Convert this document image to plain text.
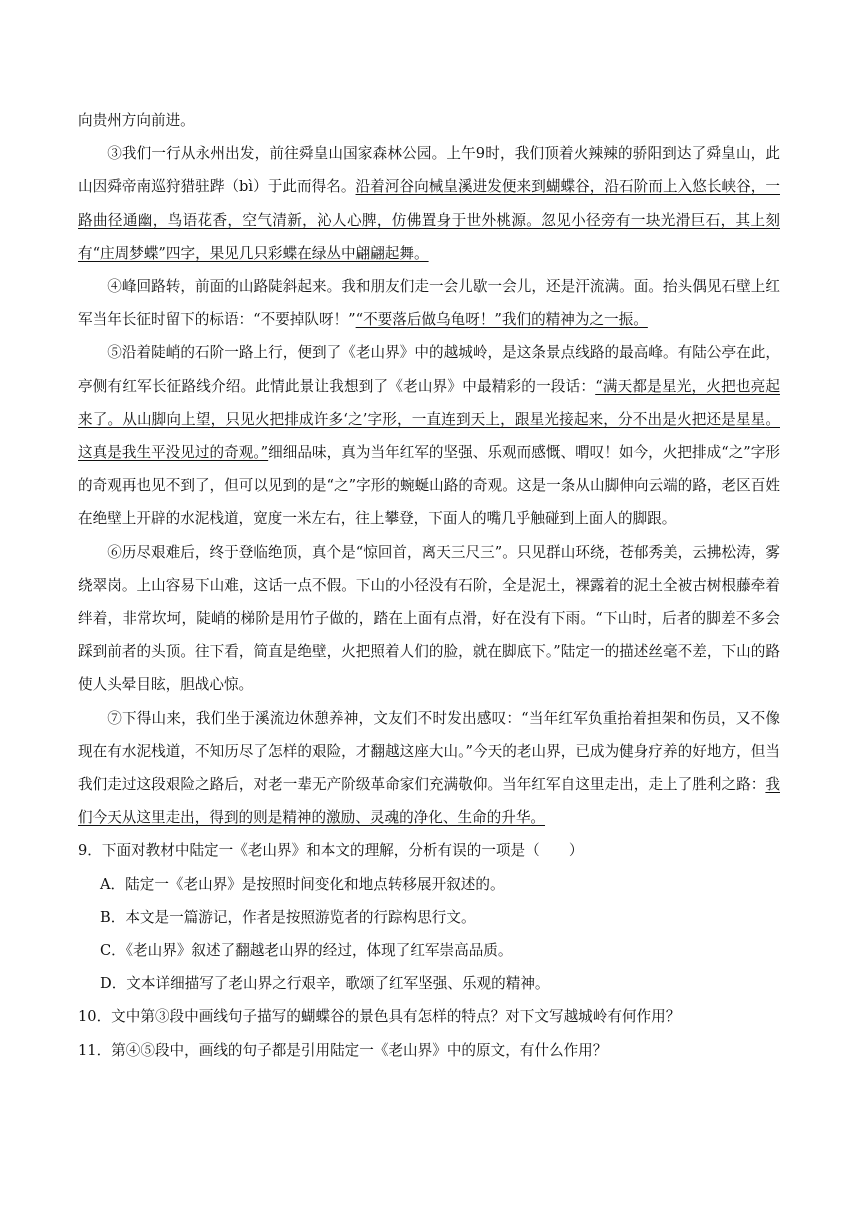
向贵州方向前进。

③我们一行从永州出发，前往舜皇山国家森林公园。上午9时，我们顶着火辣辣的骄阳到达了舜皇山，此山因舜帝南巡狩猎驻跸（bì）于此而得名。沿着河谷向械皇溪进发便来到蝴蝶谷，沿石阶而上入悠长峡谷，一路曲径通幽，鸟语花香，空气清新，沁人心脾，仿佛置身于世外桃源。忽见小径旁有一块光滑巨石，其上刻有“庄周梦蝶”四字，果见几只彩蝶在绿丛中翩翩起舞。

④峰回路转，前面的山路陡斜起来。我和朋友们走一会儿歇一会儿，还是汗流满。面。抬头偶见石壁上红军当年长征时留下的标语：“不要掉队呀！”“不要落后做乌龟呀！”我们的精神为之一振。

⑤沿着陡峭的石阶一路上行，便到了《老山界》中的越城岭，是这条景点线路的最高峰。有陆公亭在此，亭侧有红军长征路线介绍。此情此景让我想到了《老山界》中最精彩的一段话：“满天都是星光，火把也亮起来了。从山脚向上望，只见火把排成许多‘之’字形，一直连到天上，跟星光接起来，分不出是火把还是星星。这真是我生平没见过的奇观。”细细品味，真为当年红军的坚强、乐观而感慨、喟叹！如今，火把排成“之”字形的奇观再也见不到了，但可以见到的是“之”字形的蜿蜒山路的奇观。这是一条从山脚伸向云端的路，老区百姓在绝壁上开辟的水泥栈道，宽度一米左右，往上攀登，下面人的嘴几乎触碰到上面人的脚跟。

⑥历尽艰难后，终于登临绝顶，真个是“惊回首，离天三尺三”。只见群山环绕，苍郁秀美，云拂松涛，雾绕翠岗。上山容易下山难，这话一点不假。下山的小径没有石阶，全是泥土，裸露着的泥土全被古树根藤牵着绊着，非常坎坷，陡峭的梯阶是用竹子做的，踏在上面有点滑，好在没有下雨。“下山时，后者的脚差不多会踩到前者的头顶。往下看，简直是绝壁，火把照着人们的脸，就在脚底下。”陆定一的描述丝毫不差，下山的路使人头晕目眩，胆战心惊。

⑦下得山来，我们坐于溪流边休憩养神，文友们不时发出感叹：“当年红军负重抬着担架和伤员，又不像现在有水泥栈道，不知历尽了怎样的艰险，才翻越这座大山。”今天的老山界，已成为健身疗养的好地方，但当我们走过这段艰险之路后，对老一辈无产阶级革命家们充满敬仰。当年红军自这里走出，走上了胜利之路：我们今天从这里走出，得到的则是精神的激励、灵魂的净化、生命的升华。

9．下面对教材中陆定一《老山界》和本文的理解，分析有误的一项是（　　）

A．陆定一《老山界》是按照时间变化和地点转移展开叙述的。

B．本文是一篇游记，作者是按照游览者的行踪构思行文。

C．《老山界》叙述了翻越老山界的经过，体现了红军崇高品质。

D．文本详细描写了老山界之行艰辛，歌颂了红军坚强、乐观的精神。

10．文中第③段中画线句子描写的蝴蝶谷的景色具有怎样的特点？对下文写越城岭有何作用？

11．第④⑤段中，画线的句子都是引用陆定一《老山界》中的原文，有什么作用？
